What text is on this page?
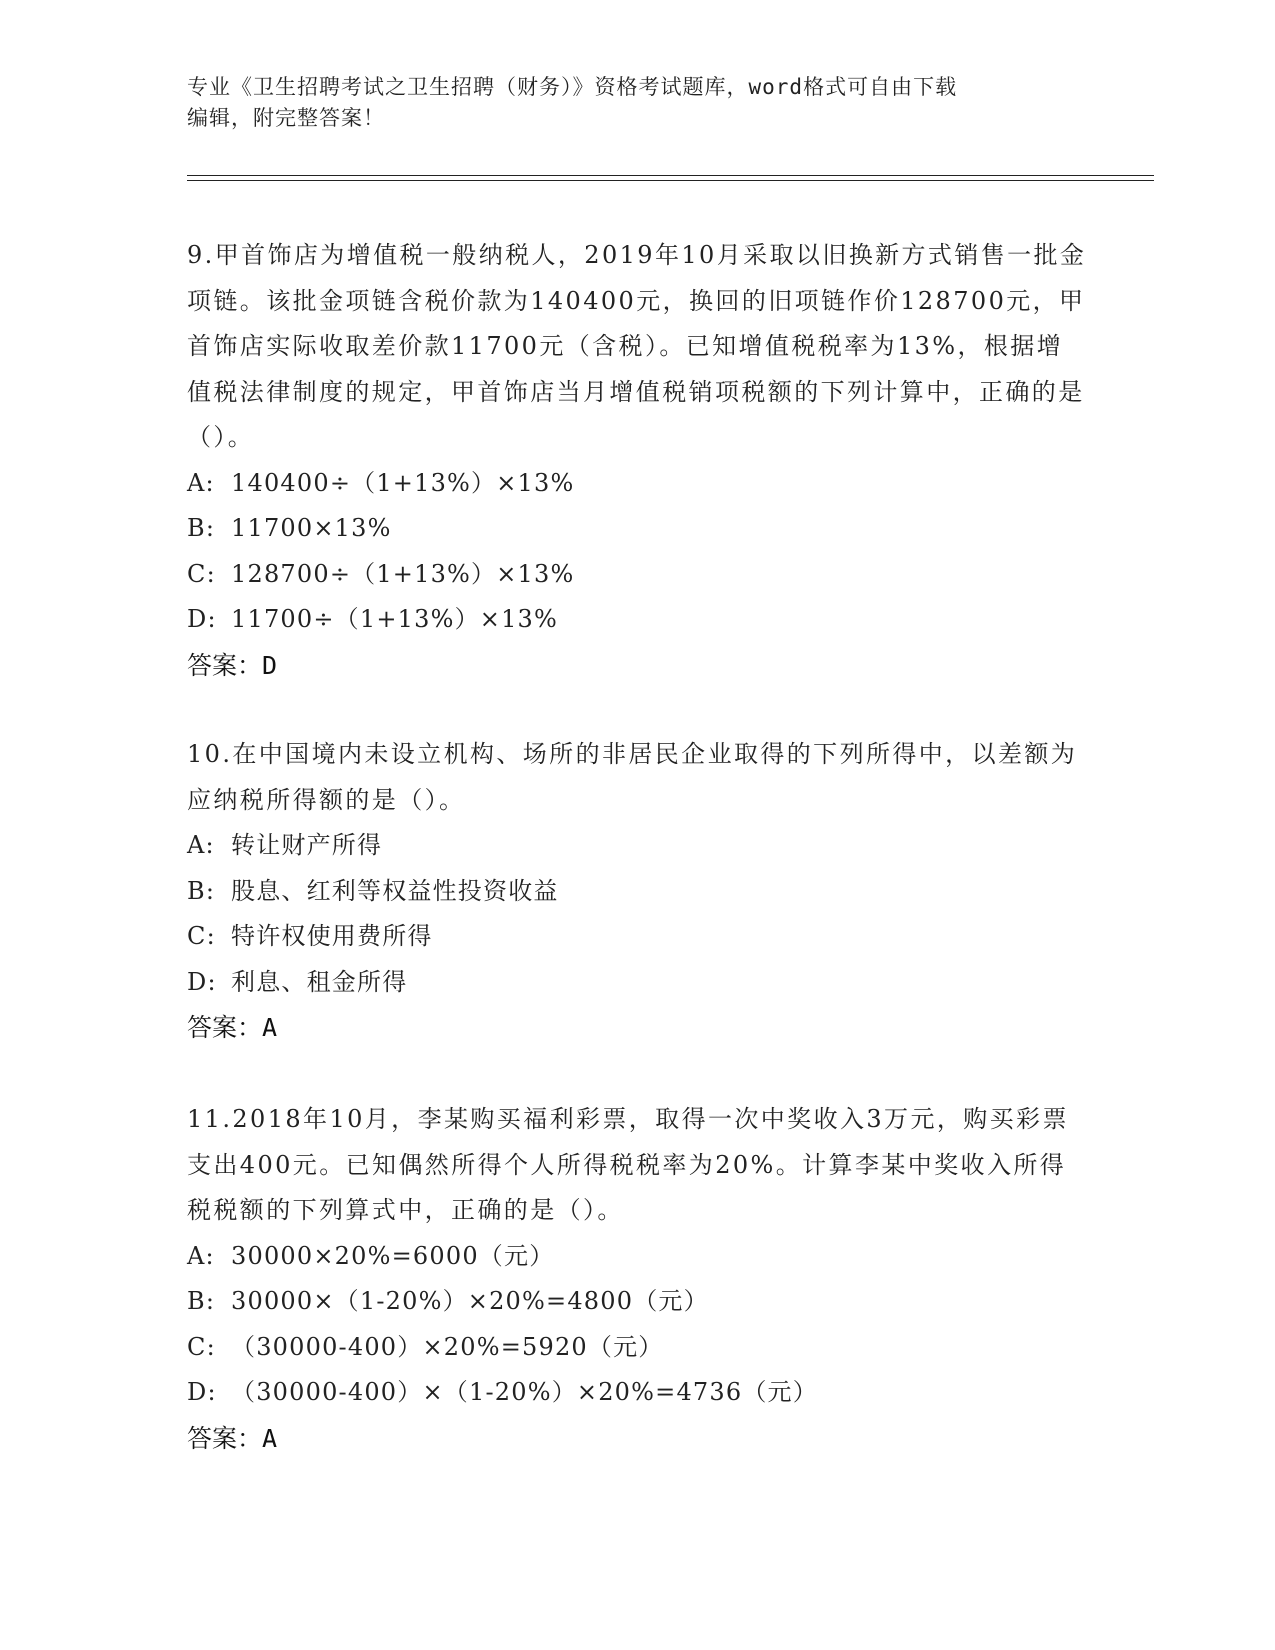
专业《卫生招聘考试之卫生招聘（财务）》资格考试题库，word格式可自由下载
编辑，附完整答案！

9.甲首饰店为增值税一般纳税人，2019年10月采取以旧换新方式销售一批金项链。该批金项链含税价款为140400元，换回的旧项链作价128700元，甲首饰店实际收取差价款11700元（含税）。已知增值税税率为13%，根据增值税法律制度的规定，甲首饰店当月增值税销项税额的下列计算中，正确的是（）。

A: 140400÷（1+13%）×13%

B: 11700×13%

C: 128700÷（1+13%）×13%

D: 11700÷（1+13%）×13%

答案：D

10.在中国境内未设立机构、场所的非居民企业取得的下列所得中，以差额为应纳税所得额的是（）。

A: 转让财产所得

B: 股息、红利等权益性投资收益

C: 特许权使用费所得

D: 利息、租金所得

答案：A

11.2018年10月，李某购买福利彩票，取得一次中奖收入3万元，购买彩票支出400元。已知偶然所得个人所得税税率为20%。计算李某中奖收入所得税税额的下列算式中，正确的是（）。

A: 30000×20%=6000（元）

B: 30000×（1-20%）×20%=4800（元）

C: （30000-400）×20%=5920（元）

D: （30000-400）×（1-20%）×20%=4736（元）

答案：A
